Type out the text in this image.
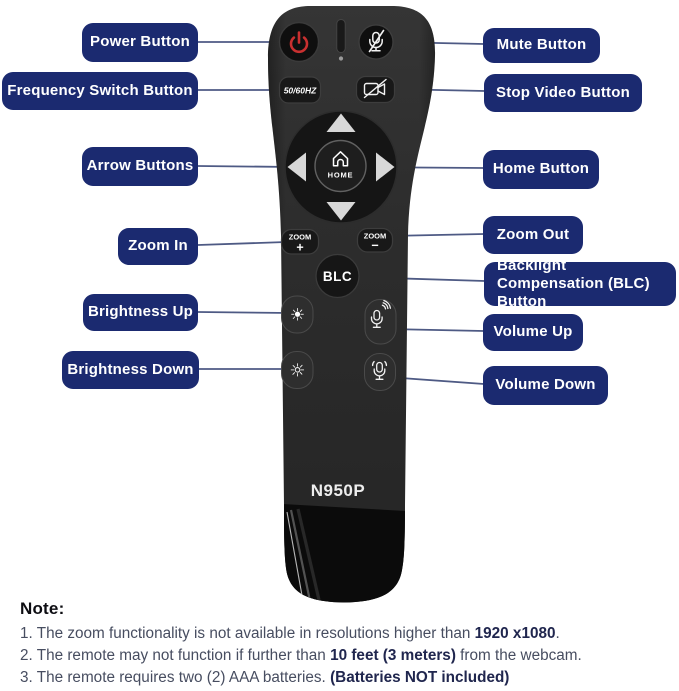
50/60HZ
HOME
ZOOM
+
ZOOM
−
BLC
☀
☼
N950P
Power Button
Frequency Switch Button
Arrow Buttons
Zoom In
Brightness Up
Brightness Down
Mute Button
Stop Video Button
Home Button
Zoom Out
Backlight Compensation (BLC) Button
Volume Up
Volume Down
Note:

1. The zoom functionality is not available in resolutions higher than 1920 x1080.

2. The remote may not function if further than 10 feet (3 meters) from the webcam.

3. The remote requires two (2) AAA batteries. (Batteries NOT included)
